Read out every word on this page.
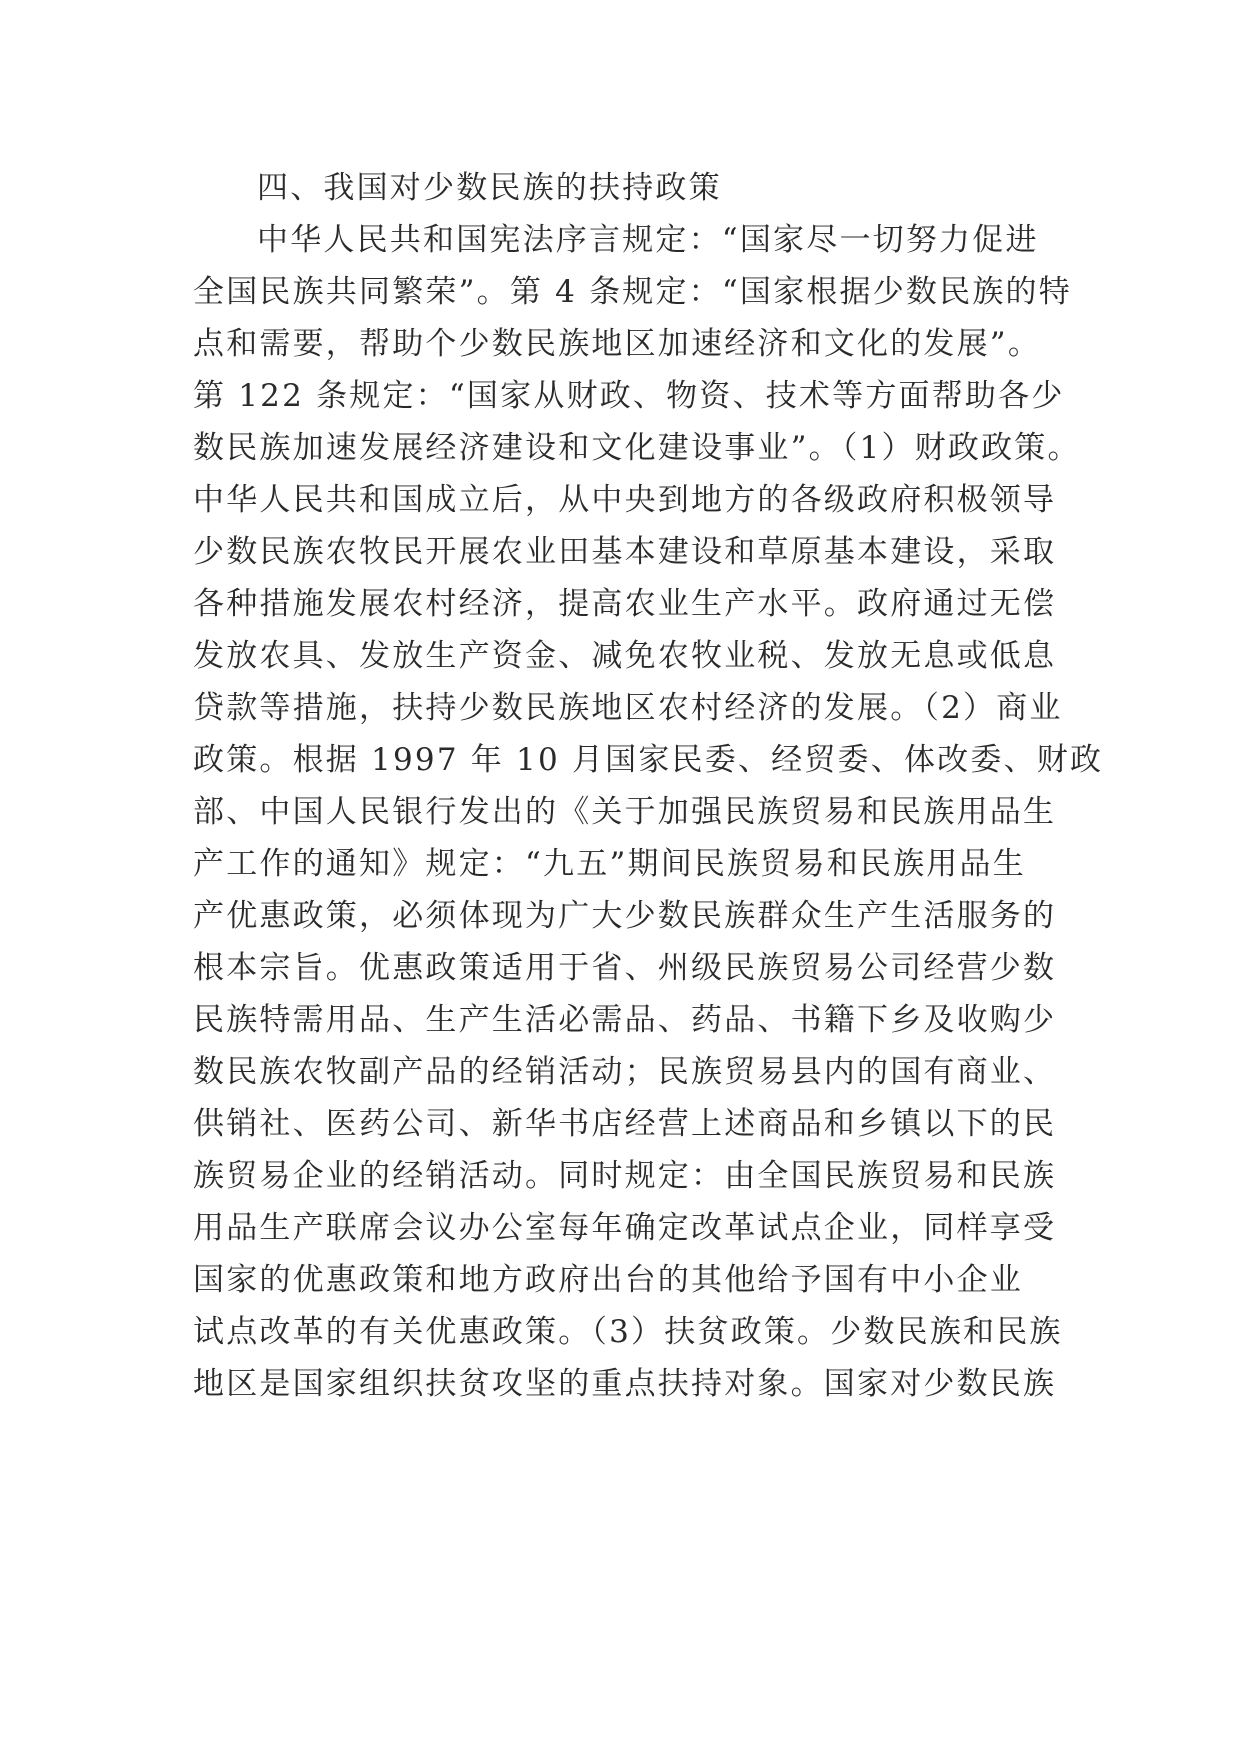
四、我国对少数民族的扶持政策
中华人民共和国宪法序言规定：“国家尽一切努力促进
全国民族共同繁荣”。第 4 条规定：“国家根据少数民族的特
点和需要，帮助个少数民族地区加速经济和文化的发展”。
第 122 条规定：“国家从财政、物资、技术等方面帮助各少
数民族加速发展经济建设和文化建设事业”。（1）财政政策。
中华人民共和国成立后，从中央到地方的各级政府积极领导
少数民族农牧民开展农业田基本建设和草原基本建设，采取
各种措施发展农村经济，提高农业生产水平。政府通过无偿
发放农具、发放生产资金、减免农牧业税、发放无息或低息
贷款等措施，扶持少数民族地区农村经济的发展。（2）商业
政策。根据 1997 年 10 月国家民委、经贸委、体改委、财政
部、中国人民银行发出的《关于加强民族贸易和民族用品生
产工作的通知》规定：“九五”期间民族贸易和民族用品生
产优惠政策，必须体现为广大少数民族群众生产生活服务的
根本宗旨。优惠政策适用于省、州级民族贸易公司经营少数
民族特需用品、生产生活必需品、药品、书籍下乡及收购少
数民族农牧副产品的经销活动；民族贸易县内的国有商业、
供销社、医药公司、新华书店经营上述商品和乡镇以下的民
族贸易企业的经销活动。同时规定：由全国民族贸易和民族
用品生产联席会议办公室每年确定改革试点企业，同样享受
国家的优惠政策和地方政府出台的其他给予国有中小企业
试点改革的有关优惠政策。（3）扶贫政策。少数民族和民族
地区是国家组织扶贫攻坚的重点扶持对象。国家对少数民族
